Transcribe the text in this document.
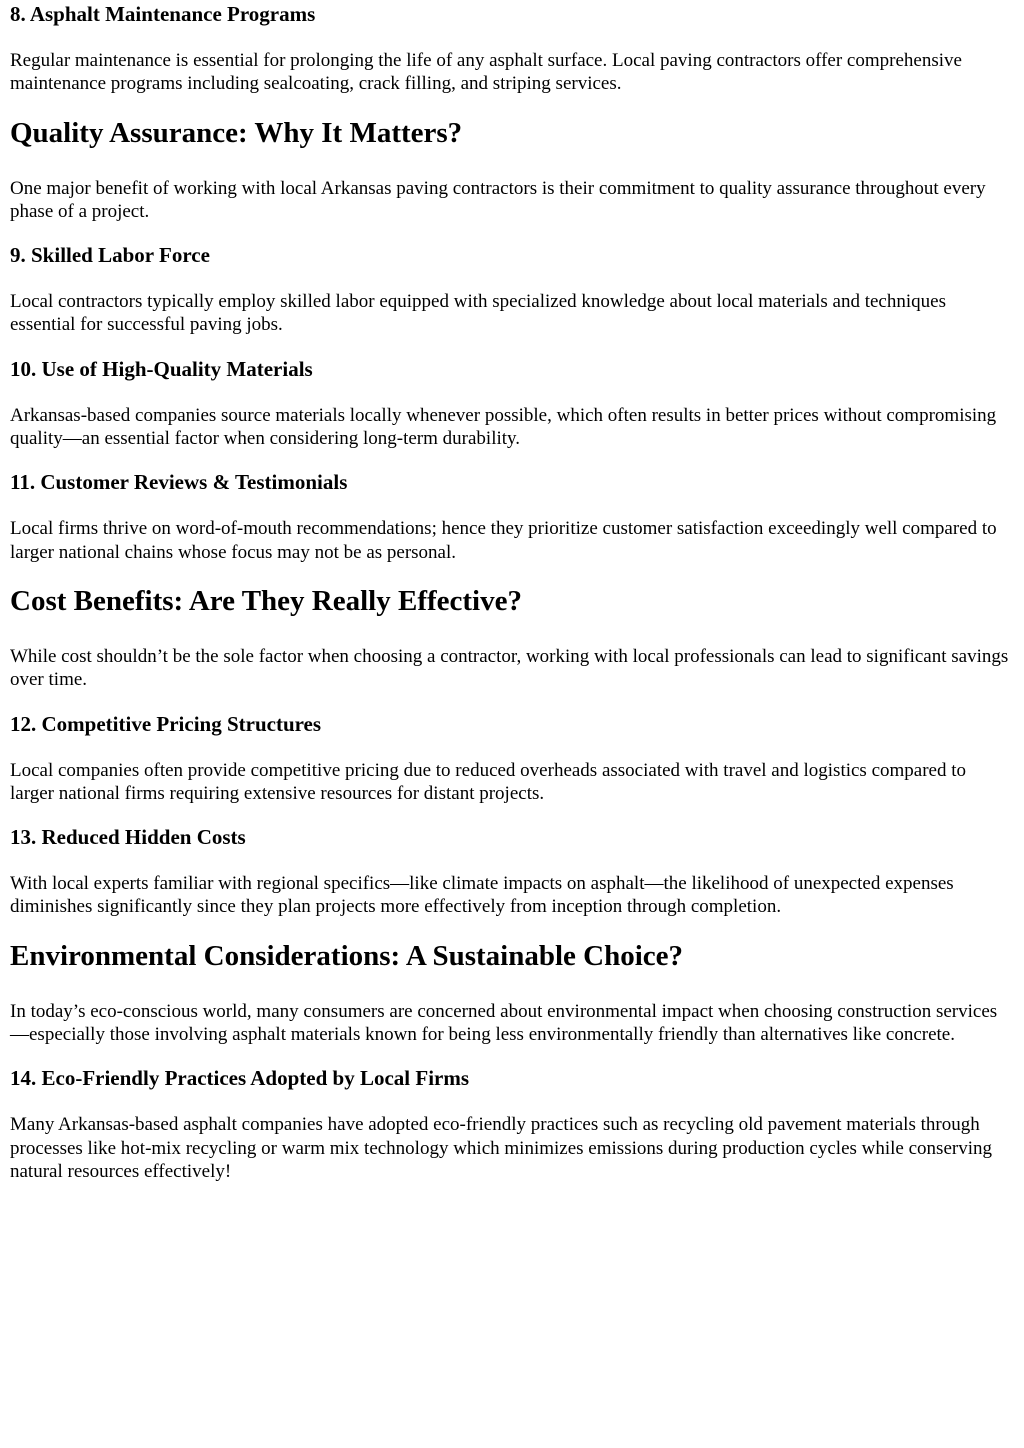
8. Asphalt Maintenance Programs

Regular maintenance is essential for prolonging the life of any asphalt surface. Local paving contractors offer comprehensive maintenance programs including sealcoating, crack filling, and striping services.

Quality Assurance: Why It Matters?

One major benefit of working with local Arkansas paving contractors is their commitment to quality assurance throughout every phase of a project.

9. Skilled Labor Force

Local contractors typically employ skilled labor equipped with specialized knowledge about local materials and techniques essential for successful paving jobs.

10. Use of High-Quality Materials

Arkansas-based companies source materials locally whenever possible, which often results in better prices without compromising quality—an essential factor when considering long-term durability.

11. Customer Reviews & Testimonials

Local firms thrive on word-of-mouth recommendations; hence they prioritize customer satisfaction exceedingly well compared to larger national chains whose focus may not be as personal.

Cost Benefits: Are They Really Effective?

While cost shouldn’t be the sole factor when choosing a contractor, working with local professionals can lead to significant savings over time.

12. Competitive Pricing Structures

Local companies often provide competitive pricing due to reduced overheads associated with travel and logistics compared to larger national firms requiring extensive resources for distant projects.

13. Reduced Hidden Costs

With local experts familiar with regional specifics—like climate impacts on asphalt—the likelihood of unexpected expenses diminishes significantly since they plan projects more effectively from inception through completion.

Environmental Considerations: A Sustainable Choice?

In today’s eco-conscious world, many consumers are concerned about environmental impact when choosing construction services—especially those involving asphalt materials known for being less environmentally friendly than alternatives like concrete.

14. Eco-Friendly Practices Adopted by Local Firms

Many Arkansas-based asphalt companies have adopted eco-friendly practices such as recycling old pavement materials through processes like hot-mix recycling or warm mix technology which minimizes emissions during production cycles while conserving natural resources effectively!
